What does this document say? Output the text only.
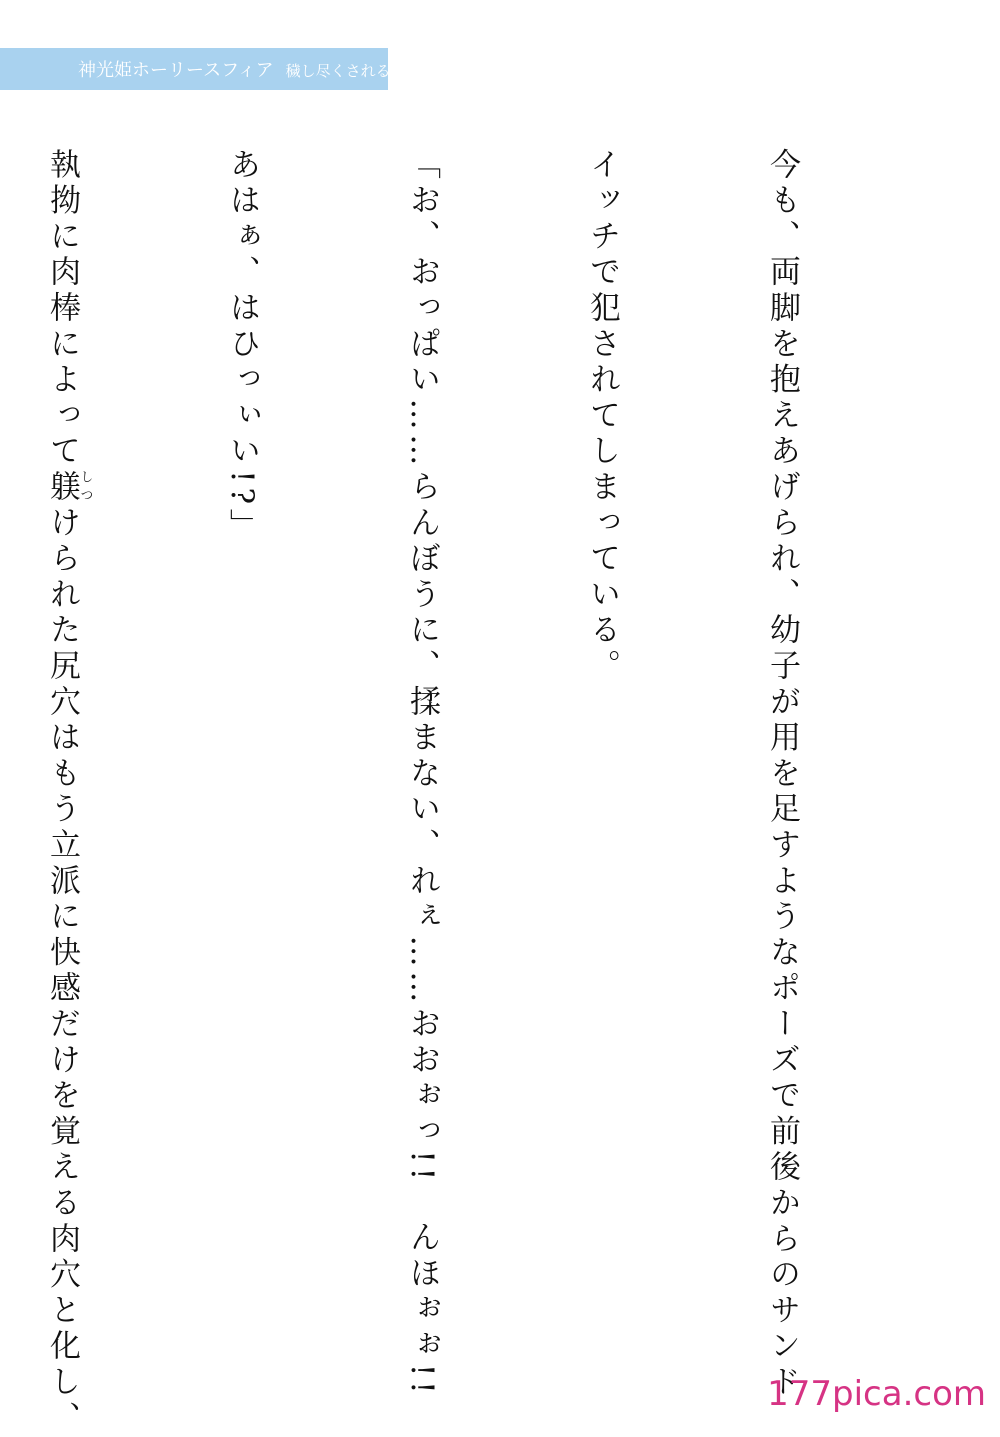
神光姫ホーリースフィア 穢し尽くされる正義

今も、両脚を抱えあげられ、幼子が用を足すようなポーズで前後からのサンド

イッチで犯されてしまっている。

「お、おっぱい……らんぼうに、揉まない、れぇ……おおぉっ!!　んほぉぉ!!

あはぁ、はひっぃい!?」

執拗に肉棒によって躾しつけられた尻穴はもう立派に快感だけを覚える肉穴と化し、

	177pica.com
